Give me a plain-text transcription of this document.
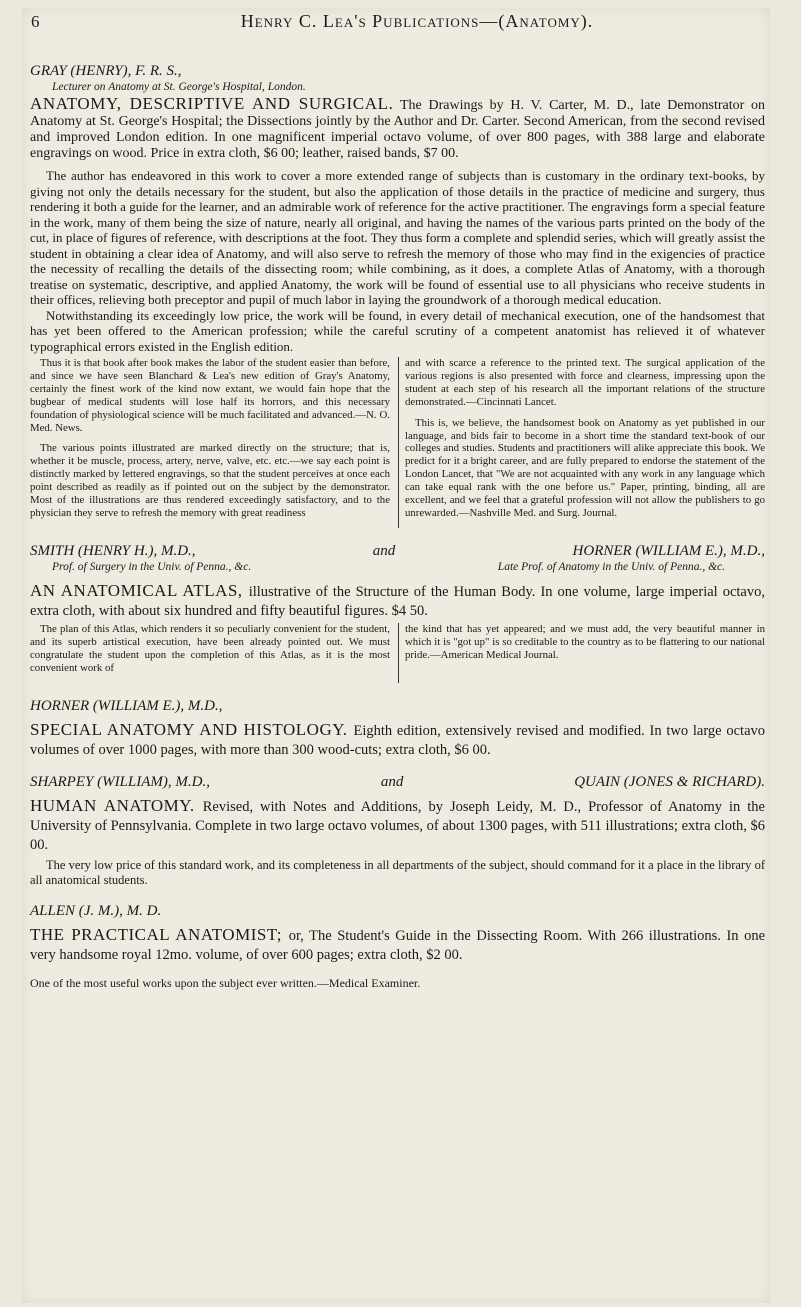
6	Henry C. Lea's Publications—(Anatomy).

GRAY (HENRY), F. R. S.,

Lecturer on Anatomy at St. George's Hospital, London.

ANATOMY, DESCRIPTIVE AND SURGICAL. The Drawings by H. V. Carter, M. D., late Demonstrator on Anatomy at St. George's Hospital; the Dissections jointly by the Author and Dr. Carter. Second American, from the second revised and improved London edition. In one magnificent imperial octavo volume, of over 800 pages, with 388 large and elaborate engravings on wood. Price in extra cloth, $6 00; leather, raised bands, $7 00.

The author has endeavored in this work to cover a more extended range of subjects than is customary in the ordinary text-books, by giving not only the details necessary for the student, but also the application of those details in the practice of medicine and surgery, thus rendering it both a guide for the learner, and an admirable work of reference for the active practitioner. The engravings form a special feature in the work, many of them being the size of nature, nearly all original, and having the names of the various parts printed on the body of the cut, in place of figures of reference, with descriptions at the foot. They thus form a complete and splendid series, which will greatly assist the student in obtaining a clear idea of Anatomy, and will also serve to refresh the memory of those who may find in the exigencies of practice the necessity of recalling the details of the dissecting room; while combining, as it does, a complete Atlas of Anatomy, with a thorough treatise on systematic, descriptive, and applied Anatomy, the work will be found of essential use to all physicians who receive students in their offices, relieving both preceptor and pupil of much labor in laying the groundwork of a thorough medical education.

Notwithstanding its exceedingly low price, the work will be found, in every detail of mechanical execution, one of the handsomest that has yet been offered to the American profession; while the careful scrutiny of a competent anatomist has relieved it of whatever typographical errors existed in the English edition.

Thus it is that book after book makes the labor of the student easier than before, and since we have seen Blanchard & Lea's new edition of Gray's Anatomy, certainly the finest work of the kind now extant, we would fain hope that the bugbear of medical students will lose half its horrors, and this necessary foundation of physiological science will be much facilitated and advanced.—N. O. Med. News.

The various points illustrated are marked directly on the structure; that is, whether it be muscle, process, artery, nerve, valve, etc. etc.—we say each point is distinctly marked by lettered engravings, so that the student perceives at once each point described as readily as if pointed out on the subject by the demonstrator. Most of the illustrations are thus rendered exceedingly satisfactory, and to the physician they serve to refresh the memory with great readiness

and with scarce a reference to the printed text. The surgical application of the various regions is also presented with force and clearness, impressing upon the student at each step of his research all the important relations of the structure demonstrated.—Cincinnati Lancet.

This is, we believe, the handsomest book on Anatomy as yet published in our language, and bids fair to become in a short time the standard text-book of our colleges and studies. Students and practitioners will alike appreciate this book. We predict for it a bright career, and are fully prepared to endorse the statement of the London Lancet, that "We are not acquainted with any work in any language which can take equal rank with the one before us." Paper, printing, binding, all are excellent, and we feel that a grateful profession will not allow the publishers to go unrewarded.—Nashville Med. and Surg. Journal.

SMITH (HENRY H.), M.D.,	and	HORNER (WILLIAM E.), M.D.,

Prof. of Surgery in the Univ. of Penna., &c.	Late Prof. of Anatomy in the Univ. of Penna., &c.

AN ANATOMICAL ATLAS, illustrative of the Structure of the Human Body. In one volume, large imperial octavo, extra cloth, with about six hundred and fifty beautiful figures. $4 50.

The plan of this Atlas, which renders it so peculiarly convenient for the student, and its superb artistical execution, have been already pointed out. We must congratulate the student upon the completion of this Atlas, as it is the most convenient work of

the kind that has yet appeared; and we must add, the very beautiful manner in which it is "got up" is so creditable to the country as to be flattering to our national pride.—American Medical Journal.

HORNER (WILLIAM E.), M.D.,

SPECIAL ANATOMY AND HISTOLOGY. Eighth edition, extensively revised and modified. In two large octavo volumes of over 1000 pages, with more than 300 wood-cuts; extra cloth, $6 00.

SHARPEY (WILLIAM), M.D.,	and	QUAIN (JONES & RICHARD).

HUMAN ANATOMY. Revised, with Notes and Additions, by Joseph Leidy, M. D., Professor of Anatomy in the University of Pennsylvania. Complete in two large octavo volumes, of about 1300 pages, with 511 illustrations; extra cloth, $6 00.

The very low price of this standard work, and its completeness in all departments of the subject, should command for it a place in the library of all anatomical students.

ALLEN (J. M.), M. D.

THE PRACTICAL ANATOMIST; or, The Student's Guide in the Dissecting Room. With 266 illustrations. In one very handsome royal 12mo. volume, of over 600 pages; extra cloth, $2 00.

One of the most useful works upon the subject ever written.—Medical Examiner.
